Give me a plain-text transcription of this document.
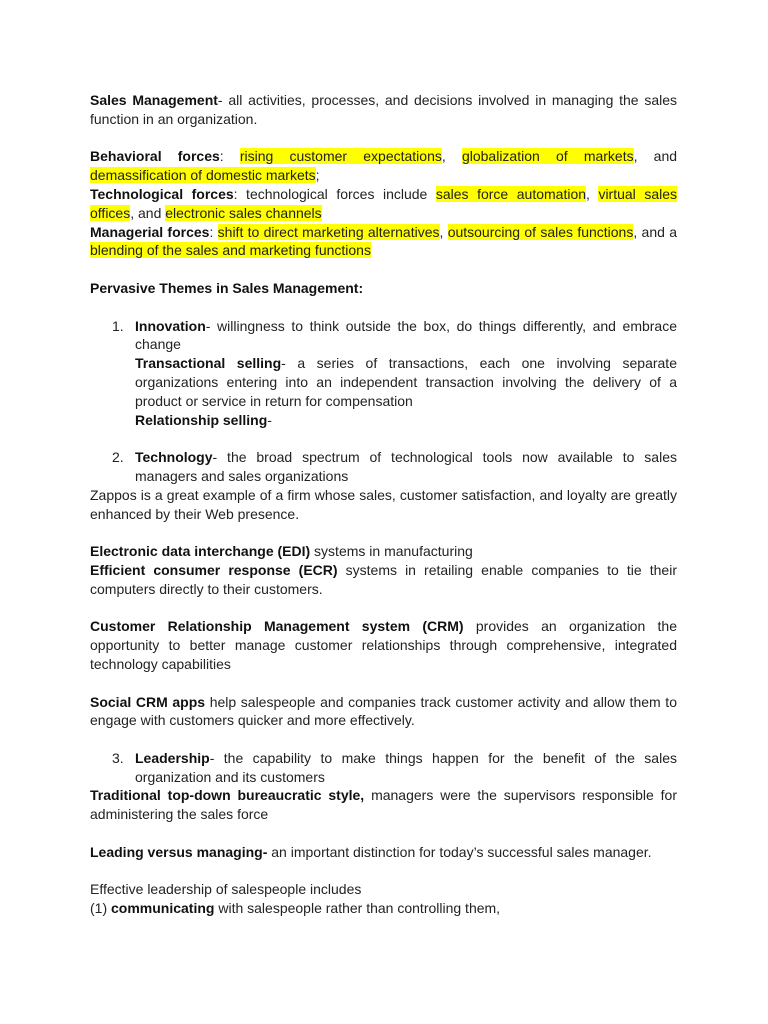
Sales Management- all activities, processes, and decisions involved in managing the sales function in an organization.

Behavioral forces: rising customer expectations, globalization of markets, and demassification of domestic markets;

Technological forces: technological forces include sales force automation, virtual sales offices, and electronic sales channels

Managerial forces: shift to direct marketing alternatives, outsourcing of sales functions, and a blending of the sales and marketing functions

Pervasive Themes in Sales Management:

1. Innovation- willingness to think outside the box, do things differently, and embrace change

Transactional selling- a series of transactions, each one involving separate organizations entering into an independent transaction involving the delivery of a product or service in return for compensation

Relationship selling-

2. Technology- the broad spectrum of technological tools now available to sales managers and sales organizations

Zappos is a great example of a firm whose sales, customer satisfaction, and loyalty are greatly enhanced by their Web presence.

Electronic data interchange (EDI) systems in manufacturing

Efficient consumer response (ECR) systems in retailing enable companies to tie their computers directly to their customers.

Customer Relationship Management system (CRM) provides an organization the opportunity to better manage customer relationships through comprehensive, integrated technology capabilities

Social CRM apps help salespeople and companies track customer activity and allow them to engage with customers quicker and more effectively.

3. Leadership- the capability to make things happen for the benefit of the sales organization and its customers

Traditional top-down bureaucratic style, managers were the supervisors responsible for administering the sales force

Leading versus managing- an important distinction for today’s successful sales manager.

Effective leadership of salespeople includes

(1) communicating with salespeople rather than controlling them,
